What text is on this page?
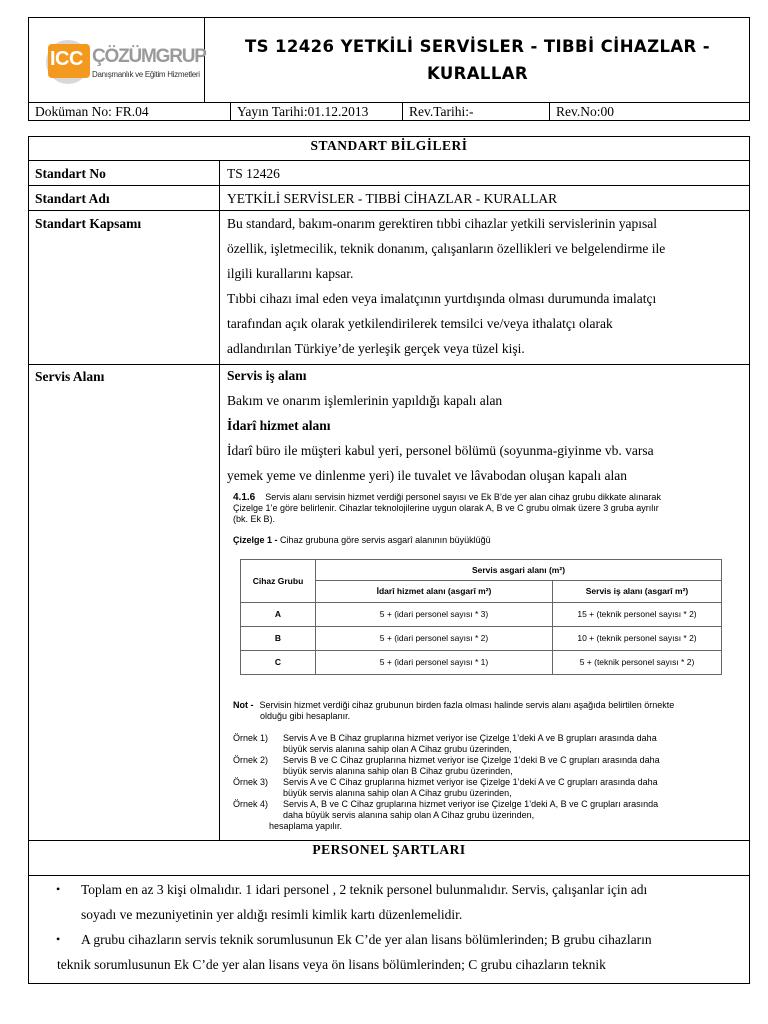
ICC ÇÖZÜMGRUP
Danışmanlık ve Eğitim Hizmetleri
TS 12426 YETKİLİ SERVİSLER - TIBBİ CİHAZLAR -
KURALLAR
Doküman No: FR.04	Yayın Tarihi:01.12.2013	Rev.Tarihi:-	Rev.No:00
STANDART BİLGİLERİ
Standart No	TS 12426
Standart Adı	YETKİLİ SERVİSLER - TIBBİ CİHAZLAR - KURALLAR
Standart Kapsamı	Bu standard, bakım-onarım gerektiren tıbbi cihazlar yetkili servislerinin yapısal
özellik, işletmecilik, teknik donanım, çalışanların özellikleri ve belgelendirme ile
ilgili kurallarını kapsar.
Tıbbi cihazı imal eden veya imalatçının yurtdışında olması durumunda imalatçı
tarafından açık olarak yetkilendirilerek temsilci ve/veya ithalatçı olarak
adlandırılan Türkiye’de yerleşik gerçek veya tüzel kişi.
Servis Alanı	Servis iş alanı
Bakım ve onarım işlemlerinin yapıldığı kapalı alan
İdarî hizmet alanı
İdarî büro ile müşteri kabul yeri, personel bölümü (soyunma-giyinme vb. varsa
yemek yeme ve dinlenme yeri) ile tuvalet ve lâvabodan oluşan kapalı alan
4.1.6 Servis alanı servisin hizmet verdiği personel sayısı ve Ek B’de yer alan cihaz grubu dikkate alınarak
Çizelge 1’e göre belirlenir. Cihazlar teknolojilerine uygun olarak A, B ve C grubu olmak üzere 3 gruba ayrılır
(bk. Ek B).
Çizelge 1 - Cihaz grubuna göre servis asgarî alanının büyüklüğü
Cihaz Grubu	Servis asgari alanı (m²)	
	İdarî hizmet alanı (asgarî m²)	Servis iş alanı (asgarî m²)
A	5 + (idari personel sayısı * 3)	15 + (teknik personel sayısı * 2)
B	5 + (idari personel sayısı * 2)	10 + (teknik personel sayısı * 2)
C	5 + (idari personel sayısı * 1)	5 + (teknik personel sayısı * 2)
Not - Servisin hizmet verdiği cihaz grubunun birden fazla olması halinde servis alanı aşağıda belirtilen örnekte
olduğu gibi hesaplanır.
Örnek 1)	Servis A ve B Cihaz gruplarına hizmet veriyor ise Çizelge 1’deki A ve B grupları arasında daha
büyük servis alanına sahip olan A Cihaz grubu üzerinden,
Örnek 2)	Servis B ve C Cihaz gruplarına hizmet veriyor ise Çizelge 1’deki B ve C grupları arasında daha
büyük servis alanına sahip olan B Cihaz grubu üzerinden,
Örnek 3)	Servis A ve C Cihaz gruplarına hizmet veriyor ise Çizelge 1’deki A ve C grupları arasında daha
büyük servis alanına sahip olan A Cihaz grubu üzerinden,
Örnek 4)	Servis A, B ve C Cihaz gruplarına hizmet veriyor ise Çizelge 1’deki A, B ve C grupları arasında
daha büyük servis alanına sahip olan A Cihaz grubu üzerinden,
hesaplama yapılır.
PERSONEL ŞARTLARI
• Toplam en az 3 kişi olmalıdır. 1 idari personel , 2 teknik personel bulunmalıdır. Servis, çalışanlar için adı
soyadı ve mezuniyetinin yer aldığı resimli kimlik kartı düzenlemelidir.
• A grubu cihazların servis teknik sorumlusunun Ek C’de yer alan lisans bölümlerinden; B grubu cihazların
teknik sorumlusunun Ek C’de yer alan lisans veya ön lisans bölümlerinden; C grubu cihazların teknik
